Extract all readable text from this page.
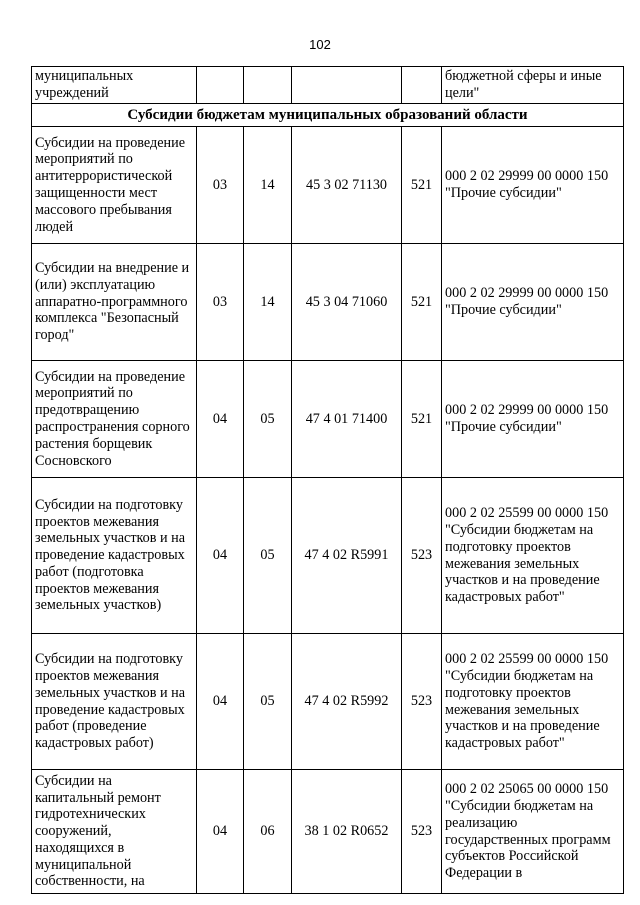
102
муниципальных учреждений					бюджетной сферы и иные цели"
Субсидии бюджетам муниципальных образований области					
Субсидии на проведение мероприятий по антитеррористической защищенности мест массового пребывания людей	03	14	45 3 02 71130	521	000 2 02 29999 00 0000 150 "Прочие субсидии"
Субсидии на внедрение и (или) эксплуатацию аппаратно-программного комплекса "Безопасный город"	03	14	45 3 04 71060	521	000 2 02 29999 00 0000 150 "Прочие субсидии"
Субсидии на проведение мероприятий по предотвращению распространения сорного растения борщевик Сосновского	04	05	47 4 01 71400	521	000 2 02 29999 00 0000 150 "Прочие субсидии"
Субсидии на подготовку проектов межевания земельных участков и на проведение кадастровых работ (подготовка проектов межевания земельных участков)	04	05	47 4 02 R5991	523	000 2 02 25599 00 0000 150 "Субсидии бюджетам на подготовку проектов межевания земельных участков и на проведение кадастровых работ"
Субсидии на подготовку проектов межевания земельных участков и на проведение кадастровых работ (проведение кадастровых работ)	04	05	47 4 02 R5992	523	000 2 02 25599 00 0000 150 "Субсидии бюджетам на подготовку проектов межевания земельных участков и на проведение кадастровых работ"
Субсидии на капитальный ремонт гидротехнических сооружений, находящихся в муниципальной собственности, на	04	06	38 1 02 R0652	523	000 2 02 25065 00 0000 150 "Субсидии бюджетам на реализацию государственных программ субъектов Российской Федерации в
